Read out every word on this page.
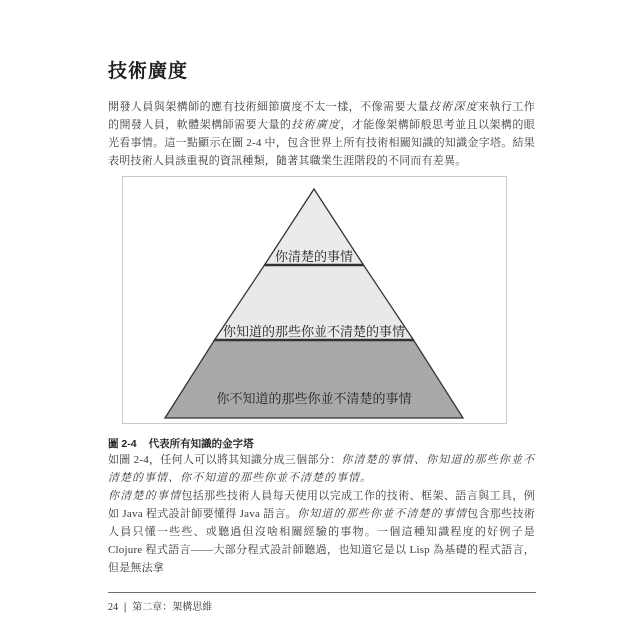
技術廣度

開發人員與架構師的應有技術細節廣度不太一樣，不像需要大量技術深度來執行工作的開發人員，軟體架構師需要大量的技術廣度，才能像架構師般思考並且以架構的眼光看事情。這一點顯示在圖 2-4 中，包含世界上所有技術相關知識的知識金字塔。結果表明技術人員該重視的資訊種類，隨著其職業生涯階段的不同而有差異。

你清楚的事情
你知道的那些你並不清楚的事情
你不知道的那些你並不清楚的事情
圖 2-4 代表所有知識的金字塔

如圖 2-4，任何人可以將其知識分成三個部分：你清楚的事情、你知道的那些你並不清楚的事情、你不知道的那些你並不清楚的事情。

你清楚的事情包括那些技術人員每天使用以完成工作的技術、框架、語言與工具，例如 Java 程式設計師要懂得 Java 語言。你知道的那些你並不清楚的事情包含那些技術人員只懂一些些、或聽過但沒啥相關經驗的事物。一個這種知識程度的好例子是 Clojure 程式語言——大部分程式設計師聽過，也知道它是以 Lisp 為基礎的程式語言，但是無法拿

24 | 第二章：架構思維
